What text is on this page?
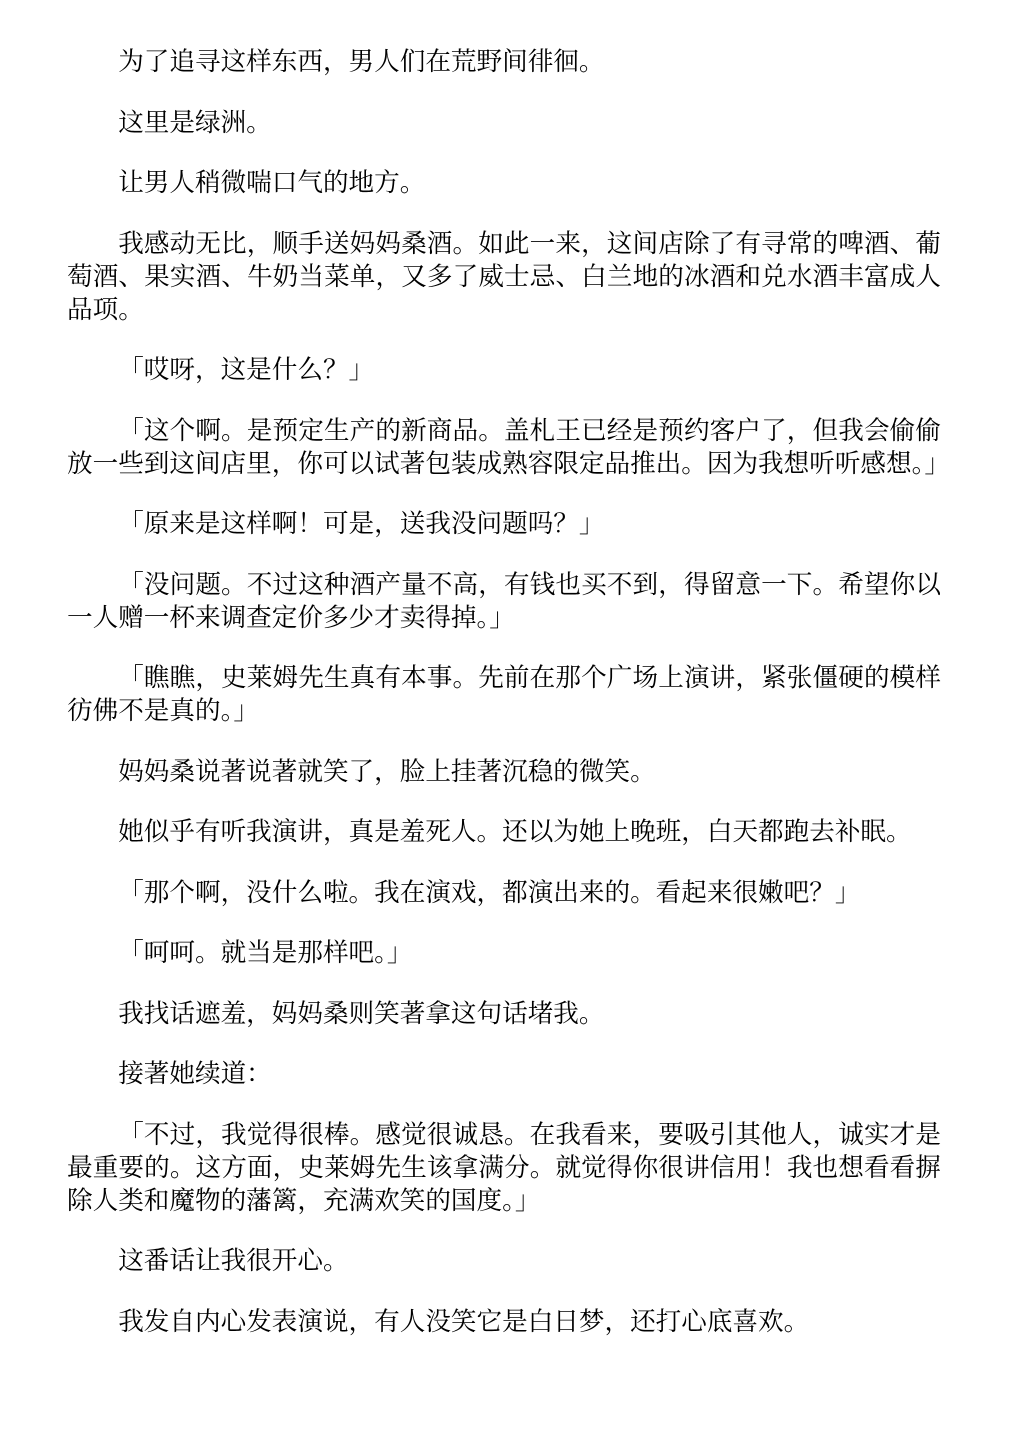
为了追寻这样东西，男人们在荒野间徘徊。

这里是绿洲。

让男人稍微喘口气的地方。

我感动无比，顺手送妈妈桑酒。如此一来，这间店除了有寻常的啤酒、葡萄酒、果实酒、牛奶当菜单，又多了威士忌、白兰地的冰酒和兑水酒丰富成人品项。

「哎呀，这是什么？」

「这个啊。是预定生产的新商品。盖札王已经是预约客户了，但我会偷偷放一些到这间店里，你可以试著包装成熟容限定品推出。因为我想听听感想。」

「原来是这样啊！可是，送我没问题吗？」

「没问题。不过这种酒产量不高，有钱也买不到，得留意一下。希望你以一人赠一杯来调查定价多少才卖得掉。」

「瞧瞧，史莱姆先生真有本事。先前在那个广场上演讲，紧张僵硬的模样彷佛不是真的。」

妈妈桑说著说著就笑了，脸上挂著沉稳的微笑。

她似乎有听我演讲，真是羞死人。还以为她上晚班，白天都跑去补眠。

「那个啊，没什么啦。我在演戏，都演出来的。看起来很嫩吧？」

「呵呵。就当是那样吧。」

我找话遮羞，妈妈桑则笑著拿这句话堵我。

接著她续道：

「不过，我觉得很棒。感觉很诚恳。在我看来，要吸引其他人，诚实才是最重要的。这方面，史莱姆先生该拿满分。就觉得你很讲信用！我也想看看摒除人类和魔物的藩篱，充满欢笑的国度。」

这番话让我很开心。

我发自内心发表演说，有人没笑它是白日梦，还打心底喜欢。
